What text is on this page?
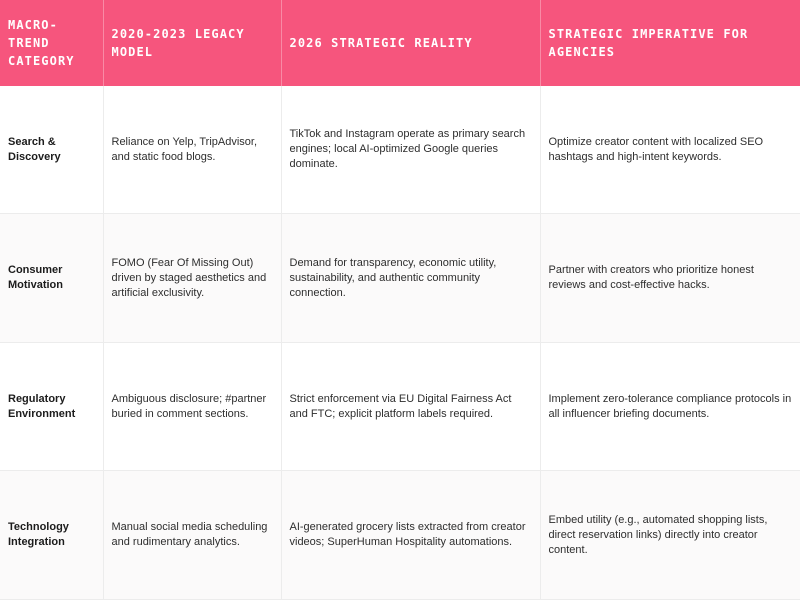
MACRO-TREND CATEGORY	2020-2023 LEGACY MODEL	2026 STRATEGIC REALITY	STRATEGIC IMPERATIVE FOR AGENCIES
Search & Discovery	Reliance on Yelp, TripAdvisor, and static food blogs.	TikTok and Instagram operate as primary search engines; local AI-optimized Google queries dominate.	Optimize creator content with localized SEO hashtags and high-intent keywords.
Consumer Motivation	FOMO (Fear Of Missing Out) driven by staged aesthetics and artificial exclusivity.	Demand for transparency, economic utility, sustainability, and authentic community connection.	Partner with creators who prioritize honest reviews and cost-effective hacks.
Regulatory Environment	Ambiguous disclosure; #partner buried in comment sections.	Strict enforcement via EU Digital Fairness Act and FTC; explicit platform labels required.	Implement zero-tolerance compliance protocols in all influencer briefing documents.
Technology Integration	Manual social media scheduling and rudimentary analytics.	AI-generated grocery lists extracted from creator videos; SuperHuman Hospitality automations.	Embed utility (e.g., automated shopping lists, direct reservation links) directly into creator content.
